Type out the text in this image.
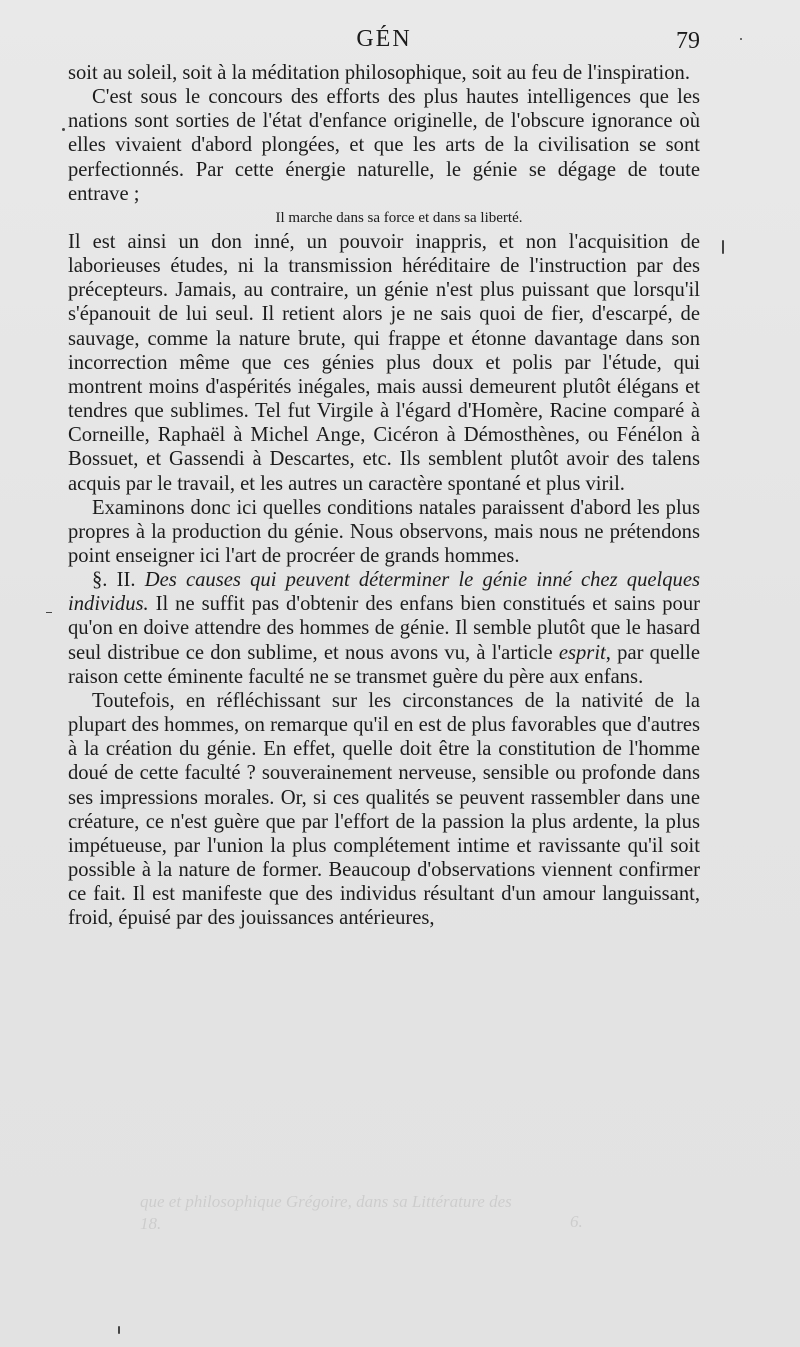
GÉN	79

soit au soleil, soit à la méditation philosophique, soit au feu de l'inspiration.

C'est sous le concours des efforts des plus hautes intelligences que les nations sont sorties de l'état d'enfance originelle, de l'obscure ignorance où elles vivaient d'abord plongées, et que les arts de la civilisation se sont perfectionnés. Par cette énergie naturelle, le génie se dégage de toute entrave ;

Il marche dans sa force et dans sa liberté.

Il est ainsi un don inné, un pouvoir inappris, et non l'acquisition de laborieuses études, ni la transmission héréditaire de l'instruction par des précepteurs. Jamais, au contraire, un génie n'est plus puissant que lorsqu'il s'épanouit de lui seul. Il retient alors je ne sais quoi de fier, d'escarpé, de sauvage, comme la nature brute, qui frappe et étonne davantage dans son incorrection même que ces génies plus doux et polis par l'étude, qui montrent moins d'aspérités inégales, mais aussi demeurent plutôt élégans et tendres que sublimes. Tel fut Virgile à l'égard d'Homère, Racine comparé à Corneille, Raphaël à Michel Ange, Cicéron à Démosthènes, ou Fénélon à Bossuet, et Gassendi à Descartes, etc. Ils semblent plutôt avoir des talens acquis par le travail, et les autres un caractère spontané et plus viril.

Examinons donc ici quelles conditions natales paraissent d'abord les plus propres à la production du génie. Nous observons, mais nous ne prétendons point enseigner ici l'art de procréer de grands hommes.

§. II. Des causes qui peuvent déterminer le génie inné chez quelques individus. Il ne suffit pas d'obtenir des enfans bien constitués et sains pour qu'on en doive attendre des hommes de génie. Il semble plutôt que le hasard seul distribue ce don sublime, et nous avons vu, à l'article esprit, par quelle raison cette éminente faculté ne se transmet guère du père aux enfans.

Toutefois, en réfléchissant sur les circonstances de la nativité de la plupart des hommes, on remarque qu'il en est de plus favorables que d'autres à la création du génie. En effet, quelle doit être la constitution de l'homme doué de cette faculté ? souverainement nerveuse, sensible ou profonde dans ses impressions morales. Or, si ces qualités se peuvent rassembler dans une créature, ce n'est guère que par l'effort de la passion la plus ardente, la plus impétueuse, par l'union la plus complétement intime et ravissante qu'il soit possible à la nature de former. Beaucoup d'observations viennent confirmer ce fait. Il est manifeste que des individus résultant d'un amour languissant, froid, épuisé par des jouissances antérieures,

que et philosophique Grégoire, dans sa Littérature des
18.	6.
